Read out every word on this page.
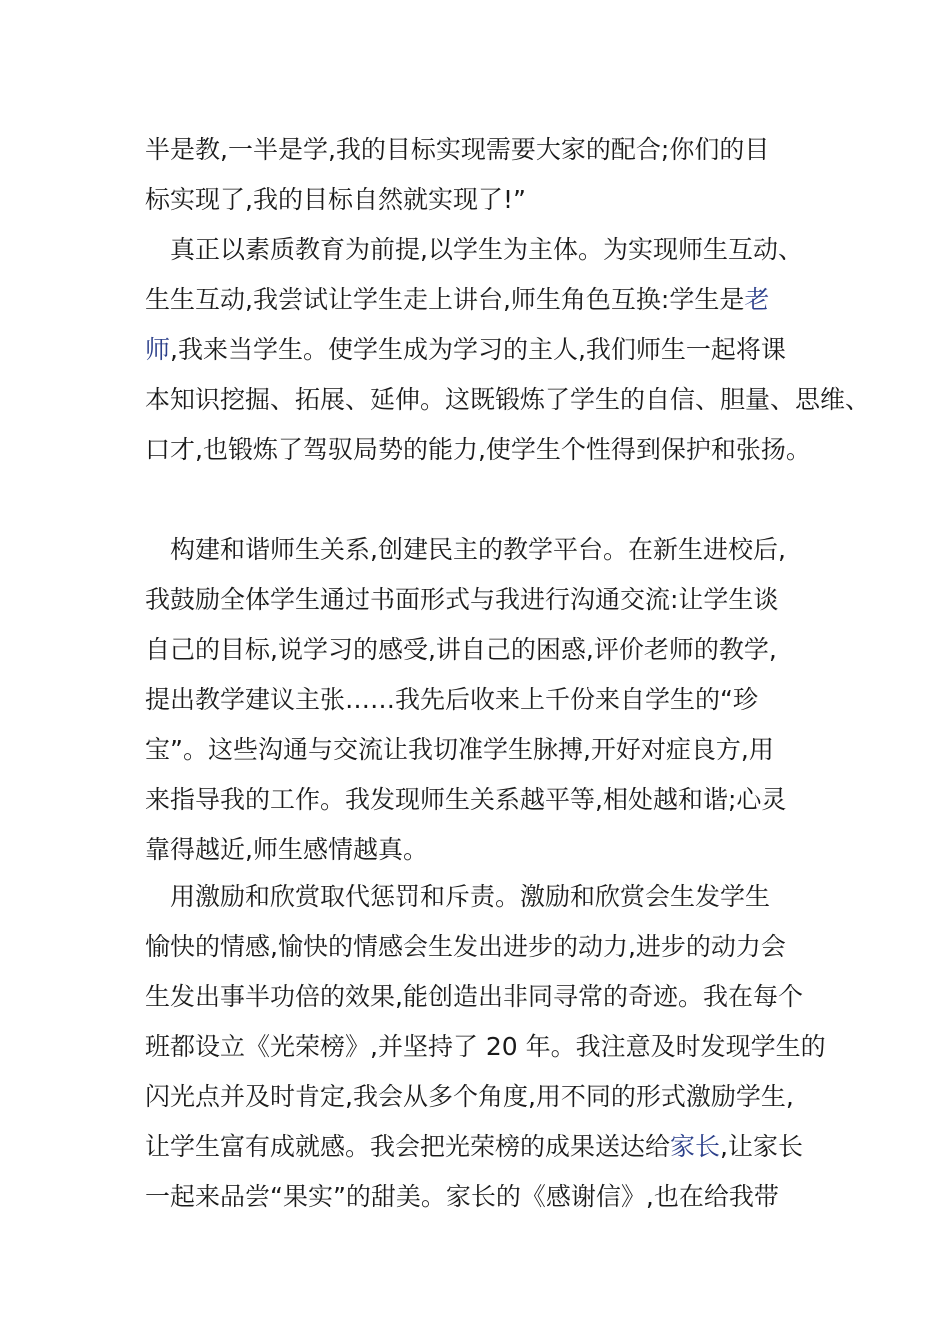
半是教,一半是学,我的目标实现需要大家的配合;你们的目
标实现了,我的目标自然就实现了!”
　真正以素质教育为前提,以学生为主体。为实现师生互动、
生生互动,我尝试让学生走上讲台,师生角色互换:学生是老
师,我来当学生。使学生成为学习的主人,我们师生一起将课
本知识挖掘、拓展、延伸。这既锻炼了学生的自信、胆量、思维、
口才,也锻炼了驾驭局势的能力,使学生个性得到保护和张扬。
　构建和谐师生关系,创建民主的教学平台。在新生进校后,
我鼓励全体学生通过书面形式与我进行沟通交流:让学生谈
自己的目标,说学习的感受,讲自己的困惑,评价老师的教学,
提出教学建议主张……我先后收来上千份来自学生的“珍
宝”。这些沟通与交流让我切准学生脉搏,开好对症良方,用
来指导我的工作。我发现师生关系越平等,相处越和谐;心灵
靠得越近,师生感情越真。
　用激励和欣赏取代惩罚和斥责。激励和欣赏会生发学生
愉快的情感,愉快的情感会生发出进步的动力,进步的动力会
生发出事半功倍的效果,能创造出非同寻常的奇迹。我在每个
班都设立《光荣榜》,并坚持了 20 年。我注意及时发现学生的
闪光点并及时肯定,我会从多个角度,用不同的形式激励学生,
让学生富有成就感。我会把光荣榜的成果送达给家长,让家长
一起来品尝“果实”的甜美。家长的《感谢信》,也在给我带
